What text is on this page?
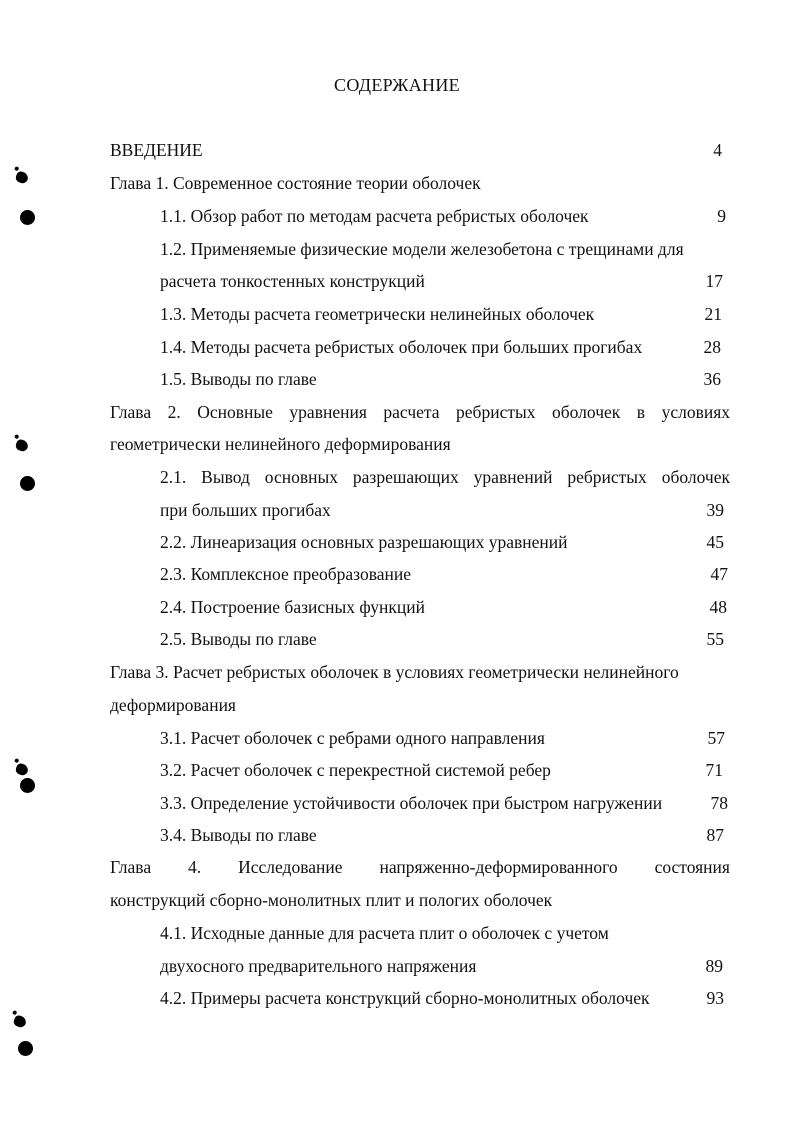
СОДЕРЖАНИЕ
ВВЕДЕНИЕ	4
Глава 1. Современное состояние теории оболочек
1.1. Обзор работ по методам расчета ребристых оболочек	9
1.2. Применяемые физические модели железобетона с трещинами для
расчета тонкостенных конструкций	17
1.3. Методы расчета геометрически нелинейных оболочек	21
1.4. Методы расчета ребристых оболочек при больших прогибах	28
1.5. Выводы по главе	36
Глава 2. Основные уравнения расчета ребристых оболочек в условиях
геометрически нелинейного деформирования
2.1. Вывод основных разрешающих уравнений ребристых оболочек
при больших прогибах	39
2.2. Линеаризация основных разрешающих уравнений	45
2.3. Комплексное преобразование	47
2.4. Построение базисных функций	48
2.5. Выводы по главе	55
Глава 3. Расчет ребристых оболочек в условиях геометрически нелинейного
деформирования
3.1. Расчет оболочек с ребрами одного направления	57
3.2. Расчет оболочек с перекрестной системой ребер	71
3.3. Определение устойчивости оболочек при быстром нагружении	78
3.4. Выводы по главе	87
Глава 4. Исследование напряженно-деформированного состояния
конструкций сборно-монолитных плит и пологих оболочек
4.1. Исходные данные для расчета плит о оболочек с учетом
двухосного предварительного напряжения	89
4.2. Примеры расчета конструкций сборно-монолитных оболочек	93
